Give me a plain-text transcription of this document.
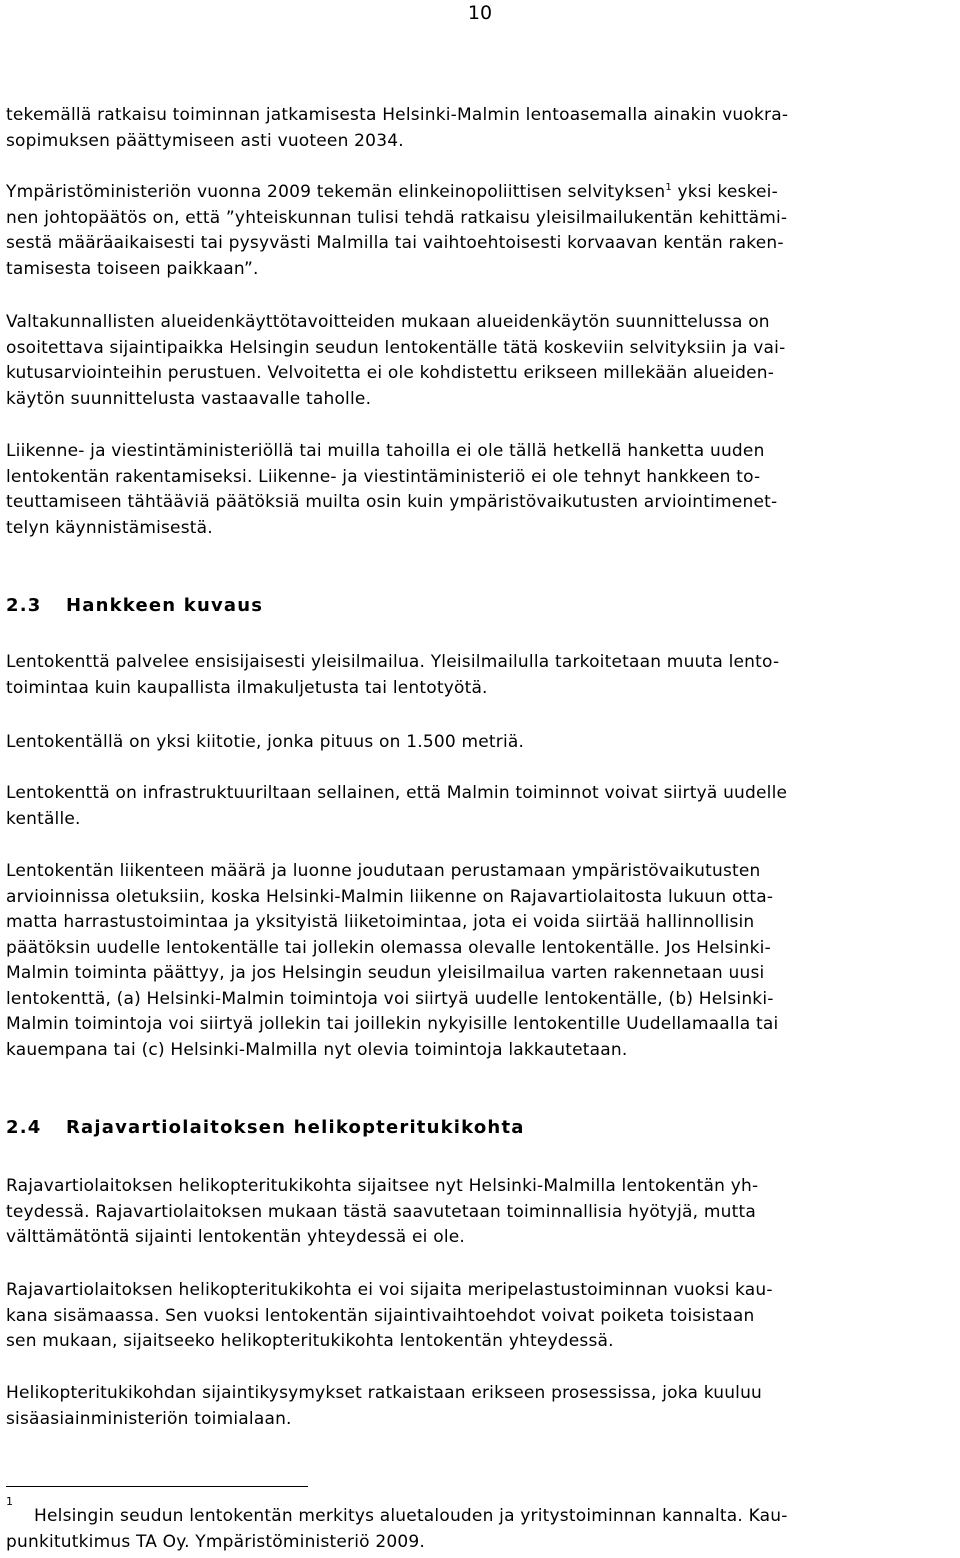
10

tekemällä ratkaisu toiminnan jatkamisesta Helsinki-Malmin lentoasemalla ainakin vuokra-
sopimuksen päättymiseen asti vuoteen 2034.

Ympäristöministeriön vuonna 2009 tekemän elinkeinopoliittisen selvityksen$^1$ yksi keskei-
nen johtopäätös on, että ”yhteiskunnan tulisi tehdä ratkaisu yleisilmailukentän kehittämi-
sestä määräaikaisesti tai pysyvästi Malmilla tai vaihtoehtoisesti korvaavan kentän raken-
tamisesta toiseen paikkaan”.

Valtakunnallisten alueidenkäyttötavoitteiden mukaan alueidenkäytön suunnittelussa on
osoitettava sijaintipaikka Helsingin seudun lentokentälle tätä koskeviin selvityksiin ja vai-
kutusarviointeihin perustuen. Velvoitetta ei ole kohdistettu erikseen millekään alueiden-
käytön suunnittelusta vastaavalle taholle.

Liikenne- ja viestintäministeriöllä tai muilla tahoilla ei ole tällä hetkellä hanketta uuden
lentokentän rakentamiseksi. Liikenne- ja viestintäministeriö ei ole tehnyt hankkeen to-
teuttamiseen tähtääviä päätöksiä muilta osin kuin ympäristövaikutusten arviointimenet-
telyn käynnistämisestä.

2.3 Hankkeen kuvaus

Lentokenttä palvelee ensisijaisesti yleisilmailua. Yleisilmailulla tarkoitetaan muuta lento-
toimintaa kuin kaupallista ilmakuljetusta tai lentotyötä.

Lentokentällä on yksi kiitotie, jonka pituus on 1.500 metriä.

Lentokenttä on infrastruktuuriltaan sellainen, että Malmin toiminnot voivat siirtyä uudelle
kentälle.

Lentokentän liikenteen määrä ja luonne joudutaan perustamaan ympäristövaikutusten
arvioinnissa oletuksiin, koska Helsinki-Malmin liikenne on Rajavartiolaitosta lukuun otta-
matta harrastustoimintaa ja yksityistä liiketoimintaa, jota ei voida siirtää hallinnollisin
päätöksin uudelle lentokentälle tai jollekin olemassa olevalle lentokentälle. Jos Helsinki-
Malmin toiminta päättyy, ja jos Helsingin seudun yleisilmailua varten rakennetaan uusi
lentokenttä, (a) Helsinki-Malmin toimintoja voi siirtyä uudelle lentokentälle, (b) Helsinki-
Malmin toimintoja voi siirtyä jollekin tai joillekin nykyisille lentokentille Uudellamaalla tai
kauempana tai (c) Helsinki-Malmilla nyt olevia toimintoja lakkautetaan.

2.4 Rajavartiolaitoksen helikopteritukikohta

Rajavartiolaitoksen helikopteritukikohta sijaitsee nyt Helsinki-Malmilla lentokentän yh-
teydessä. Rajavartiolaitoksen mukaan tästä saavutetaan toiminnallisia hyötyjä, mutta
välttämätöntä sijainti lentokentän yhteydessä ei ole.

Rajavartiolaitoksen helikopteritukikohta ei voi sijaita meripelastustoiminnan vuoksi kau-
kana sisämaassa. Sen vuoksi lentokentän sijaintivaihtoehdot voivat poiketa toisistaan
sen mukaan, sijaitseeko helikopteritukikohta lentokentän yhteydessä.

Helikopteritukikohdan sijaintikysymykset ratkaistaan erikseen prosessissa, joka kuuluu
sisäasiainministeriön toimialaan.

1
Helsingin seudun lentokentän merkitys aluetalouden ja yritystoiminnan kannalta. Kau-
punkitutkimus TA Oy. Ympäristöministeriö 2009.
